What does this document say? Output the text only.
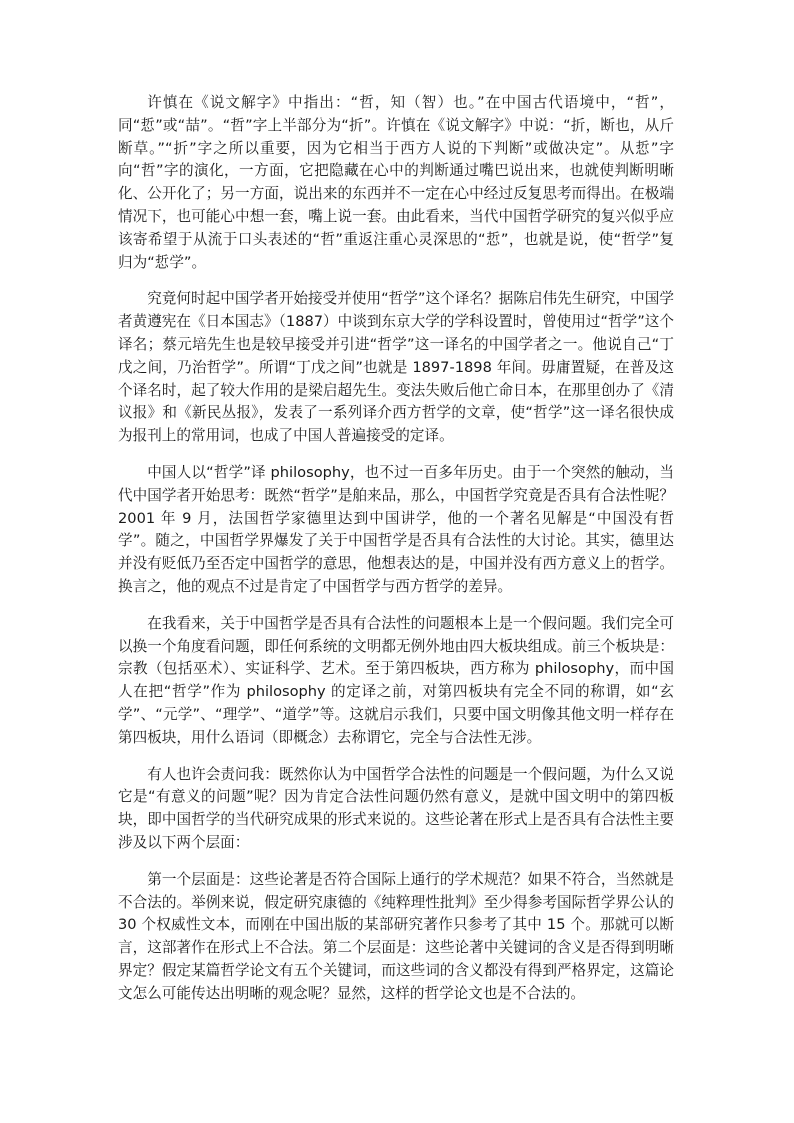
许慎在《说文解字》中指出：“哲，知（智）也。”在中国古代语境中，“哲”，同“悊”或“喆”。“哲”字上半部分为“折”。许慎在《说文解字》中说：“折，断也，从斤断草。”“折”字之所以重要，因为它相当于西方人说的下判断”或做决定”。从悊”字向“哲”字的演化，一方面，它把隐藏在心中的判断通过嘴巴说出来，也就使判断明晰化、公开化了；另一方面，说出来的东西并不一定在心中经过反复思考而得出。在极端情况下，也可能心中想一套，嘴上说一套。由此看来，当代中国哲学研究的复兴似乎应该寄希望于从流于口头表述的“哲”重返注重心灵深思的“悊”，也就是说，使“哲学”复归为“悊学”。

究竟何时起中国学者开始接受并使用“哲学”这个译名？据陈启伟先生研究，中国学者黄遵宪在《日本国志》（1887）中谈到东京大学的学科设置时，曾使用过“哲学”这个译名；蔡元培先生也是较早接受并引进“哲学”这一译名的中国学者之一。他说自己“丁戊之间，乃治哲学”。所谓“丁戊之间”也就是 1897-1898 年间。毋庸置疑，在普及这个译名时，起了较大作用的是梁启超先生。变法失败后他亡命日本，在那里创办了《清议报》和《新民丛报》，发表了一系列译介西方哲学的文章，使“哲学”这一译名很快成为报刊上的常用词，也成了中国人普遍接受的定译。

中国人以“哲学”译 philosophy，也不过一百多年历史。由于一个突然的触动，当代中国学者开始思考：既然“哲学”是舶来品，那么，中国哲学究竟是否具有合法性呢？2001 年 9 月，法国哲学家德里达到中国讲学，他的一个著名见解是“中国没有哲学”。随之，中国哲学界爆发了关于中国哲学是否具有合法性的大讨论。其实，德里达并没有贬低乃至否定中国哲学的意思，他想表达的是，中国并没有西方意义上的哲学。换言之，他的观点不过是肯定了中国哲学与西方哲学的差异。

在我看来，关于中国哲学是否具有合法性的问题根本上是一个假问题。我们完全可以换一个角度看问题，即任何系统的文明都无例外地由四大板块组成。前三个板块是：宗教（包括巫术）、实证科学、艺术。至于第四板块，西方称为 philosophy，而中国人在把“哲学”作为 philosophy 的定译之前，对第四板块有完全不同的称谓，如“玄学”、“元学”、“理学”、“道学”等。这就启示我们，只要中国文明像其他文明一样存在第四板块，用什么语词（即概念）去称谓它，完全与合法性无涉。

有人也许会责问我：既然你认为中国哲学合法性的问题是一个假问题，为什么又说它是“有意义的问题”呢？因为肯定合法性问题仍然有意义，是就中国文明中的第四板块，即中国哲学的当代研究成果的形式来说的。这些论著在形式上是否具有合法性主要涉及以下两个层面：

第一个层面是：这些论著是否符合国际上通行的学术规范？如果不符合，当然就是不合法的。举例来说，假定研究康德的《纯粹理性批判》至少得参考国际哲学界公认的 30 个权威性文本，而刚在中国出版的某部研究著作只参考了其中 15 个。那就可以断言，这部著作在形式上不合法。第二个层面是：这些论著中关键词的含义是否得到明晰界定？假定某篇哲学论文有五个关键词，而这些词的含义都没有得到严格界定，这篇论文怎么可能传达出明晰的观念呢？显然，这样的哲学论文也是不合法的。
